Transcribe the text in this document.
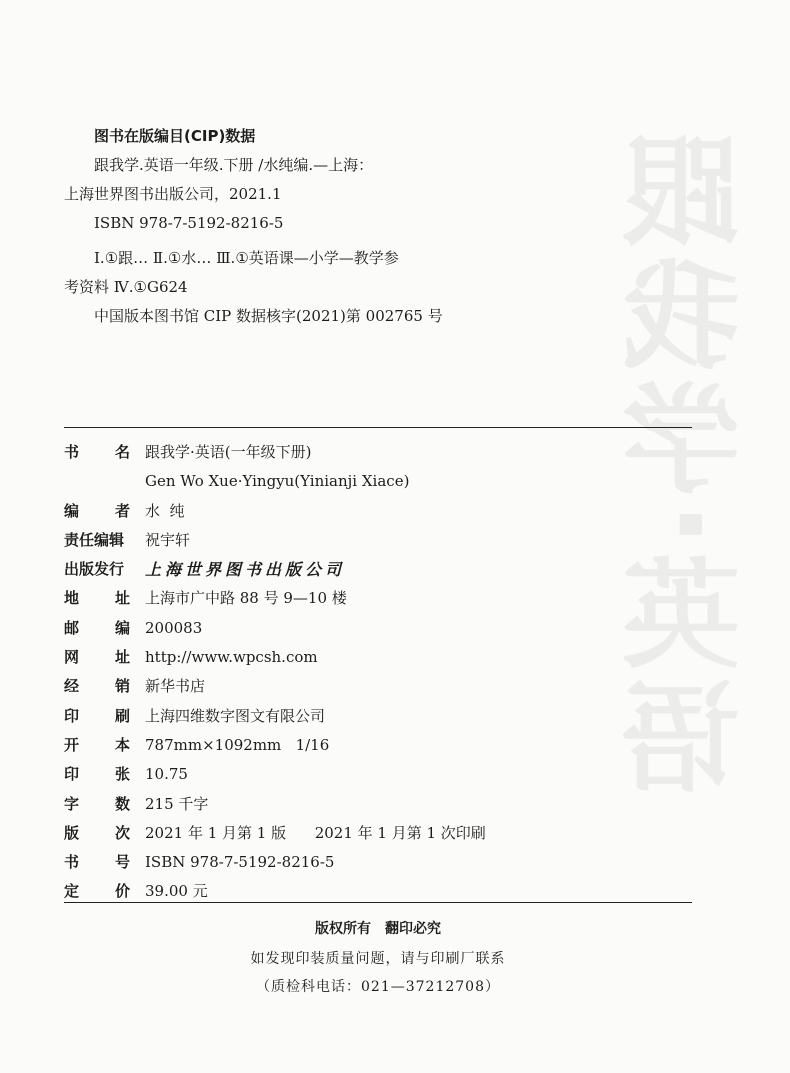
跟我学·英语
图书在版编目(CIP)数据
跟我学.英语一年级.下册 /水纯编.—上海：
上海世界图书出版公司，2021.1
ISBN 978-7-5192-8216-5
Ⅰ.①跟… Ⅱ.①水… Ⅲ.①英语课—小学—教学参
考资料 Ⅳ.①G624
中国版本图书馆 CIP 数据核字(2021)第 002765 号
书 名 跟我学·英语(一年级下册)
Gen Wo Xue·Yingyu(Yinianji Xiace)
编 者 水  纯
责任编辑 祝宇轩
出版发行 上海世界图书出版公司
地 址 上海市广中路 88 号 9—10 楼
邮 编 200083
网 址 http://www.wpcsh.com
经 销 新华书店
印 刷 上海四维数字图文有限公司
开 本 787mm×1092mm   1/16
印 张 10.75
字 数 215 千字
版 次 2021 年 1 月第 1 版      2021 年 1 月第 1 次印刷
书 号 ISBN 978-7-5192-8216-5
定 价 39.00 元
版权所有 翻印必究
如发现印装质量问题，请与印刷厂联系
（质检科电话：021—37212708）
